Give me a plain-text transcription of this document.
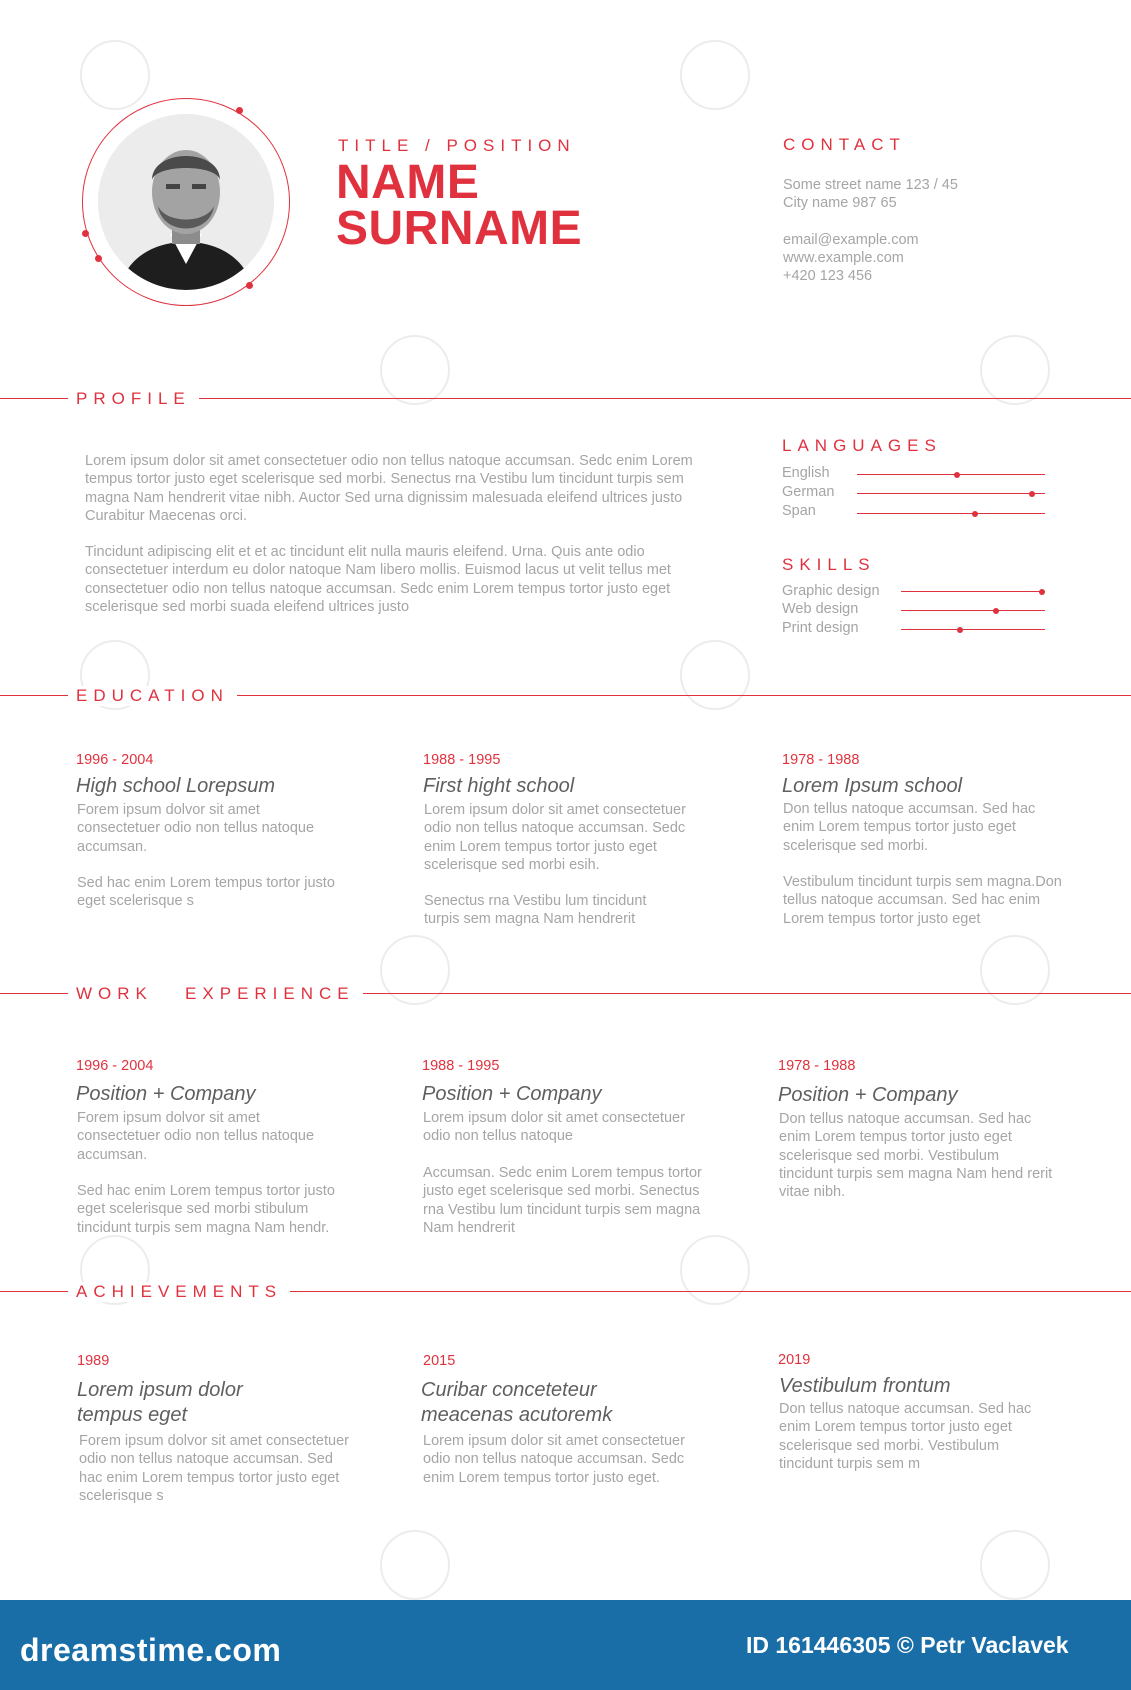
TITLE / POSITION
NAME
SURNAME
CONTACT
Some street name 123 / 45
City name 987 65
email@example.com
www.example.com
+420 123 456
PROFILE
Lorem ipsum dolor sit amet consectetuer odio non tellus natoque accumsan. Sedc enim Lorem tempus tortor justo eget scelerisque sed morbi. Senectus rna Vestibu lum tincidunt turpis sem magna Nam hendrerit vitae nibh. Auctor Sed urna dignissim malesuada eleifend ultrices justo Curabitur Maecenas orci.
Tincidunt adipiscing elit et et ac tincidunt elit nulla mauris eleifend. Urna. Quis ante odio consectetuer interdum eu dolor natoque Nam libero mollis. Euismod lacus ut velit tellus met consectetuer odio non tellus natoque accumsan. Sedc enim Lorem tempus tortor justo eget scelerisque sed morbi suada eleifend ultrices justo
LANGUAGES
English
German
Span
SKILLS
Graphic design
Web design
Print design
EDUCATION
1996 - 2004
High school Lorepsum
Forem ipsum dolvor sit amet consectetuer odio non tellus natoque accumsan.
Sed hac enim Lorem tempus tortor justo eget scelerisque s
1988 - 1995
First hight school
Lorem ipsum dolor sit amet consectetuer odio non tellus natoque accumsan. Sedc enim Lorem tempus tortor justo eget scelerisque sed morbi esih.
Senectus rna Vestibu lum tincidunt turpis sem magna Nam hendrerit
1978 - 1988
Lorem Ipsum school
Don tellus natoque accumsan. Sed hac enim Lorem tempus tortor justo eget scelerisque sed morbi.
Vestibulum tincidunt turpis sem magna.Don tellus natoque accumsan. Sed hac enim Lorem tempus tortor justo eget
WORK   EXPERIENCE
1996 - 2004
Position + Company
Forem ipsum dolvor sit amet consectetuer odio non tellus natoque accumsan.
Sed hac enim Lorem tempus tortor justo eget scelerisque sed morbi stibulum tincidunt turpis sem magna Nam hendr.
1988 - 1995
Position + Company
Lorem ipsum dolor sit amet consectetuer odio non tellus natoque
Accumsan. Sedc enim Lorem tempus tortor justo eget scelerisque sed morbi. Senectus rna Vestibu lum tincidunt turpis sem magna Nam hendrerit
1978 - 1988
Position + Company
Don tellus natoque accumsan. Sed hac enim Lorem tempus tortor justo eget scelerisque sed morbi. Vestibulum tincidunt turpis sem magna Nam hend rerit vitae nibh.
ACHIEVEMENTS
1989
Lorem ipsum dolor tempus eget
Forem ipsum dolvor sit amet consectetuer odio non tellus natoque accumsan. Sed hac enim Lorem tempus tortor justo eget scelerisque s
2015
Curibar conceteteur meacenas acutoremk
Lorem ipsum dolor sit amet consectetuer odio non tellus natoque accumsan. Sedc enim Lorem tempus tortor justo eget.
2019
Vestibulum frontum
Don tellus natoque accumsan. Sed hac enim Lorem tempus tortor justo eget scelerisque sed morbi. Vestibulum tincidunt turpis sem m
dreamstime.com	ID 161446305 © Petr Vaclavek
